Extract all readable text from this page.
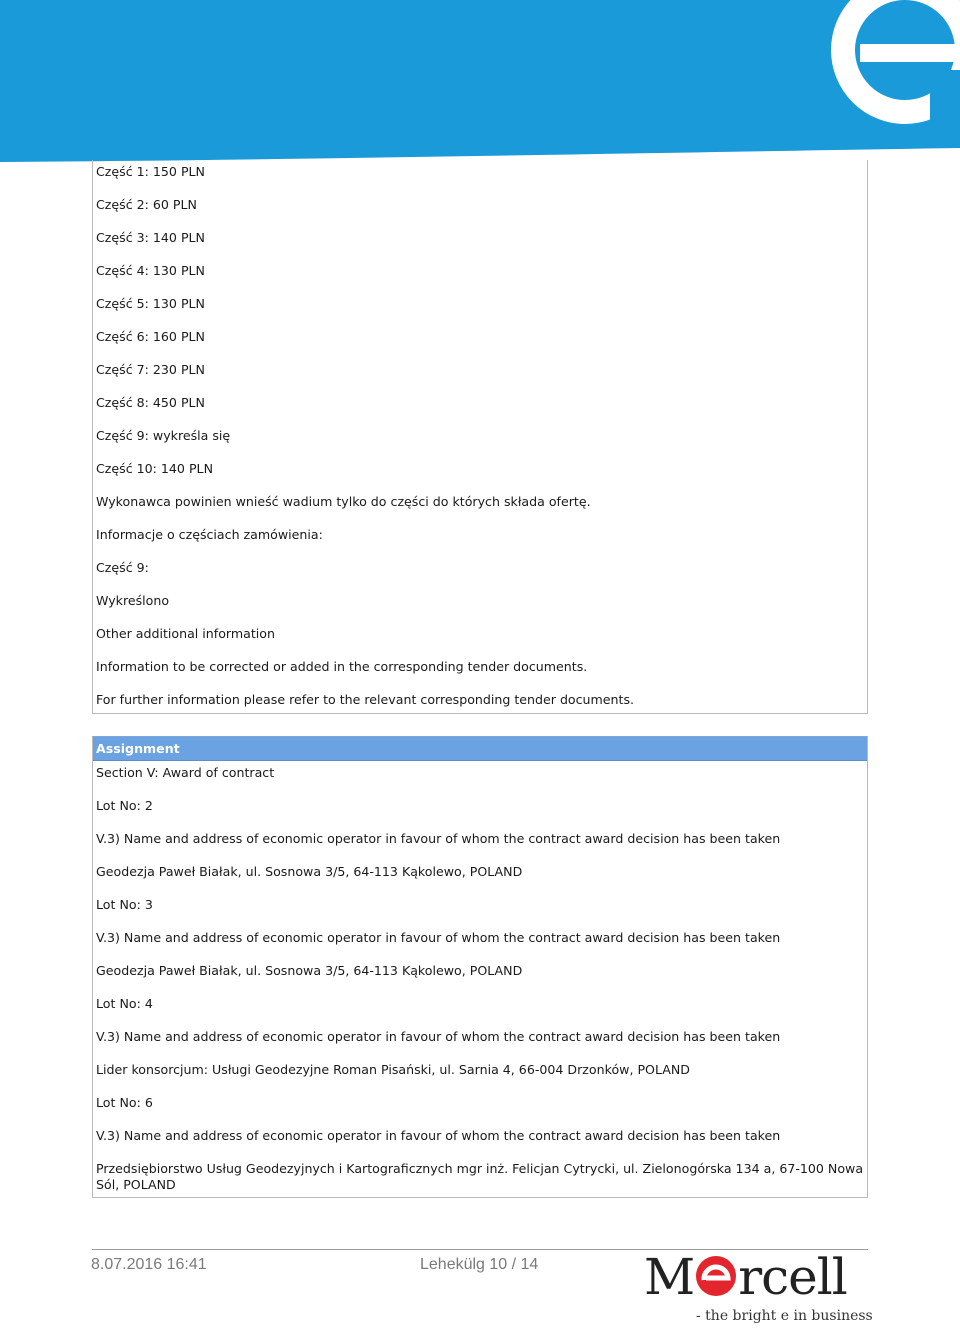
Część 1: 150 PLN
Część 2: 60 PLN
Część 3: 140 PLN
Część 4: 130 PLN
Część 5: 130 PLN
Część 6: 160 PLN
Część 7: 230 PLN
Część 8: 450 PLN
Część 9: wykreśla się
Część 10: 140 PLN
Wykonawca powinien wnieść wadium tylko do części do których składa ofertę.
Informacje o częściach zamówienia:
Część 9:
Wykreślono
Other additional information
Information to be corrected or added in the corresponding tender documents.
For further information please refer to the relevant corresponding tender documents.
Assignment
Section V: Award of contract
Lot No: 2
V.3) Name and address of economic operator in favour of whom the contract award decision has been taken
Geodezja Paweł Białak, ul. Sosnowa 3/5, 64-113 Kąkolewo, POLAND
Lot No: 3
V.3) Name and address of economic operator in favour of whom the contract award decision has been taken
Geodezja Paweł Białak, ul. Sosnowa 3/5, 64-113 Kąkolewo, POLAND
Lot No: 4
V.3) Name and address of economic operator in favour of whom the contract award decision has been taken
Lider konsorcjum: Usługi Geodezyjne Roman Pisański, ul. Sarnia 4, 66-004 Drzonków, POLAND
Lot No: 6
V.3) Name and address of economic operator in favour of whom the contract award decision has been taken
Przedsiębiorstwo Usług Geodezyjnych i Kartograficznych mgr inż. Felicjan Cytrycki, ul. Zielonogórska 134 a, 67-100 Nowa Sól, POLAND
8.07.2016 16:41	Lehekülg 10 / 14 M rcell
- the bright e in business
